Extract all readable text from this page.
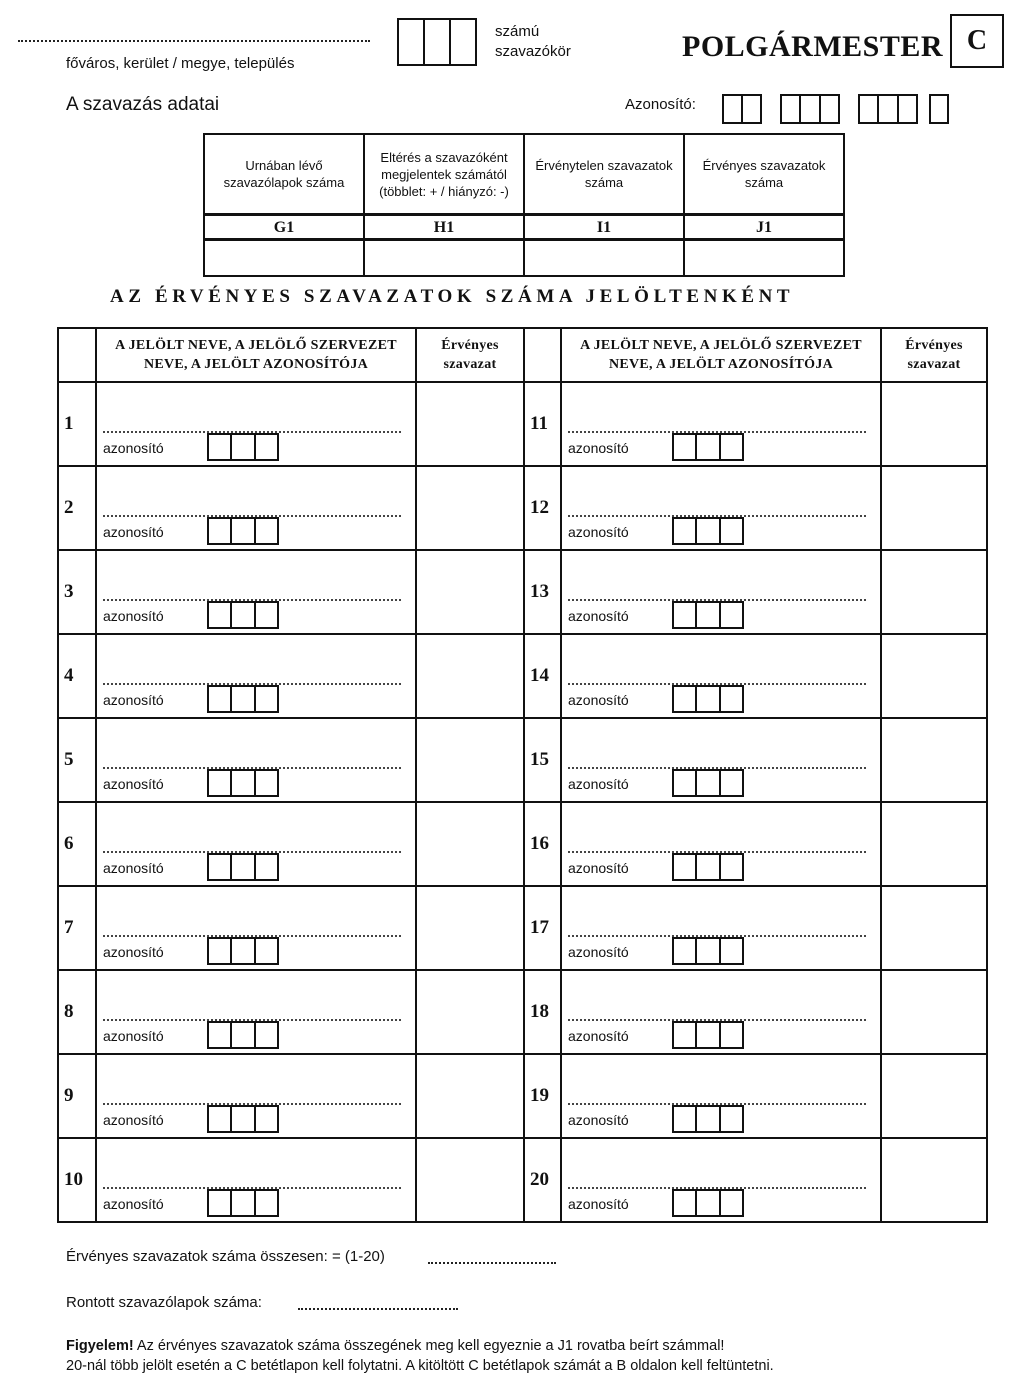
főváros, kerület / megye, település
számú
szavazókör	POLGÁRMESTER C
A szavazás adatai	Azonosító:
Urnában lévő szavazólapok száma	Eltérés a szavazóként megjelentek számától (többlet: + / hiányzó: -)	Érvénytelen szavazatok száma	Érvényes szavazatok száma
G1	H1	I1	J1

AZ ÉRVÉNYES SZAVAZATOK SZÁMA JELÖLTENKÉNT
	A JELÖLT NEVE, A JELÖLŐ SZERVEZET NEVE, A JELÖLT AZONOSÍTÓJA	Érvényes szavazat		A JELÖLT NEVE, A JELÖLŐ SZERVEZET NEVE, A JELÖLT AZONOSÍTÓJA	Érvényes szavazat
1	azonosító		11	azonosító	

2	azonosító		12	azonosító	

3	azonosító		13	azonosító	

4	azonosító		14	azonosító	

5	azonosító		15	azonosító	

6	azonosító		16	azonosító	

7	azonosító		17	azonosító	

8	azonosító		18	azonosító	

9	azonosító		19	azonosító	

10	azonosító		20	azonosító	

Érvényes szavazatok száma összesen: = (1-20)
Rontott szavazólapok száma:
Figyelem! Az érvényes szavazatok száma összegének meg kell egyeznie a J1 rovatba beírt számmal!
20-nál több jelölt esetén a C betétlapon kell folytatni. A kitöltött C betétlapok számát a B oldalon kell feltüntetni.
